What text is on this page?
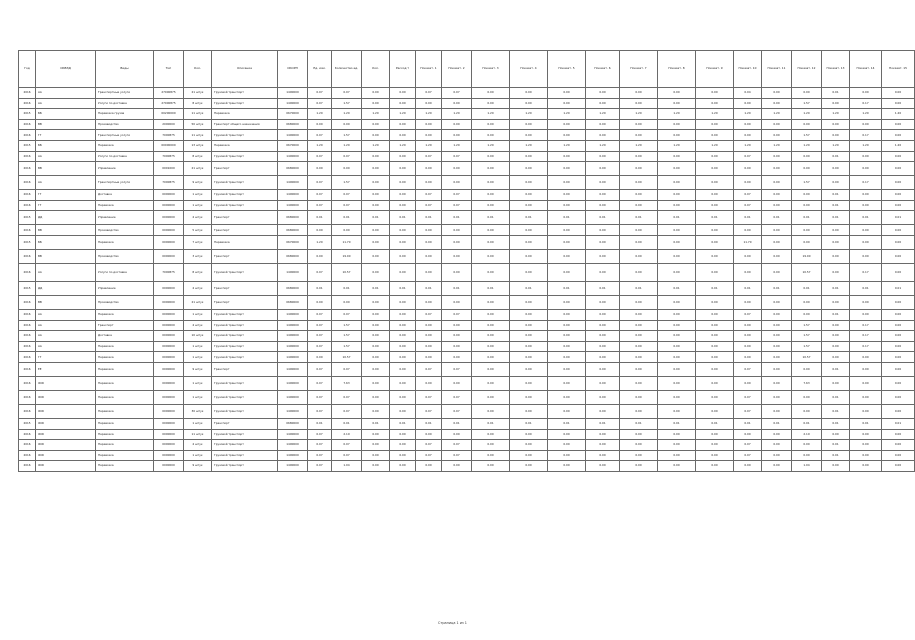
Год	ОКВЭД	Виды	Тип	Кол-	Описание	ОКОРП	Ед. изм.	Количество ед.	Кол.	Расход т	Показат. 1	Показат. 2	Показат. 3	Показат. 4	Показат. 5	Показат. 6	Показат. 7	Показат. 8	Показат. 9	Показат. 10	Показат. 11	Показат. 12	Показат. 13	Показат. 14	Показат. 15
2016	АА	Транспортные услуги	27000875	21 штук	Грузовой транспорт	1490000	0.07	0.07	0.00	0.00	0.07	0.07	0.00	0.00	0.00	0.00	0.00	0.00	0.00	0.04	0.00	0.00	0.01	0.00	0.00
2016	АА	Услуги по доставке	27000875	8 штук	Грузовой транспорт	1490000	0.07	1.57	0.00	0.00	0.00	0.00	0.00	0.00	0.00	0.00	0.00	0.00	0.00	0.00	0.00	1.57	0.00	0.17	0.00
2015	ББ	Перевозка грузов	00200000	11 штук	Перевозка	0670000	1.20	1.20	1.20	1.20	1.20	1.20	1.20	1.20	1.20	1.20	1.20	1.20	1.20	1.20	1.20	1.20	1.20	1.20	1.20
2016	ВВ	Производство	2000000	50 штук	Транспорт общего назначения	0680000	0.00	0.00	0.00	0.00	0.00	0.00	0.00	0.00	0.00	0.00	0.00	0.00	0.00	0.00	0.00	0.00	0.00	0.00	0.00
2016	ГГ	Транспортные услуги	7000875	11 штук	Грузовой транспорт	1490000	0.07	1.57	0.00	0.00	0.00	0.00	0.00	0.00	0.00	0.00	0.00	0.00	0.00	0.00	0.00	1.57	0.00	0.17	0.00
2015	ББ	Перевозка	00000000	13 штук	Перевозка	0670000	1.20	1.20	1.20	1.20	1.20	1.20	1.20	1.20	1.20	1.20	1.20	1.20	1.20	1.20	1.20	1.20	1.20	1.20	1.20
2016	АА	Услуги по доставке	7000875	8 штук	Грузовой транспорт	1490000	0.07	0.07	0.00	0.00	0.07	0.07	0.00	0.00	0.00	0.00	0.00	0.00	0.00	0.07	0.00	0.00	0.01	0.00	0.00
2016	ВВ	Управление	0001000	21 штук	Транспорт	0680000	0.00	0.00	0.00	0.00	0.00	0.00	0.00	0.00	0.00	0.00	0.00	0.00	0.00	0.00	0.00	0.00	0.00	0.00	0.00
2016	АА	Транспортные услуги	7000875	9 штук	Грузовой транспорт	1490000	0.07	1.57	0.00	0.00	0.00	0.00	0.00	0.00	0.00	0.00	0.00	0.00	0.00	0.00	0.00	1.57	0.00	0.17	0.00
2016	ГГ	Доставка	0000000	1 штук	Грузовой транспорт	1490000	0.07	0.07	0.00	0.00	0.07	0.07	0.00	0.00	0.00	0.00	0.00	0.00	0.00	0.07	0.00	0.00	0.01	0.00	0.00
2016	ГГ	Перевозка	0000000	1 штук	Грузовой транспорт	1490000	0.07	0.07	0.00	0.00	0.07	0.07	0.00	0.00	0.00	0.00	0.00	0.00	0.00	0.07	0.00	0.00	0.01	0.00	0.00
2015	ДД	Управление	0000000	4 штук	Транспорт	0680000	0.01	0.01	0.01	0.01	0.01	0.01	0.01	0.01	0.01	0.01	0.01	0.01	0.01	0.01	0.01	0.01	0.01	0.01	0.01
2016	ВВ	Производство	0000000	5 штук	Транспорт	0680000	0.00	0.00	0.00	0.00	0.00	0.00	0.00	0.00	0.00	0.00	0.00	0.00	0.00	0.00	0.00	0.00	0.00	0.00	0.00
2015	ББ	Перевозка	0000000	7 штук	Перевозка	0670000	1.20	11.70	0.00	0.00	0.00	0.00	0.00	0.00	0.00	0.00	0.00	0.00	0.00	11.70	0.00	0.00	0.00	0.00	0.00
2016	ВВ	Производство	0000000	3 штук	Транспорт	0680000	0.00	19.00	0.00	0.00	0.00	0.00	0.00	0.00	0.00	0.00	0.00	0.00	0.00	0.00	0.00	19.00	0.00	0.00	0.00
2016	АА	Услуги по доставке	7000875	8 штук	Грузовой транспорт	1490000	0.07	10.57	0.00	0.00	0.00	0.00	0.00	0.00	0.00	0.00	0.00	0.00	0.00	0.00	0.00	10.57	0.00	0.17	0.00
2015	ДД	Управление	0000000	4 штук	Транспорт	0680000	0.01	0.01	0.01	0.01	0.01	0.01	0.01	0.01	0.01	0.01	0.01	0.01	0.01	0.01	0.01	0.01	0.01	0.01	0.01
2016	ВВ	Производство	0000000	21 штук	Транспорт	0680000	0.00	0.00	0.00	0.00	0.00	0.00	0.00	0.00	0.00	0.00	0.00	0.00	0.00	0.00	0.00	0.00	0.00	0.00	0.00
2016	АА	Перевозка	0000000	1 штук	Грузовой транспорт	1490000	0.07	0.07	0.00	0.00	0.07	0.07	0.00	0.00	0.00	0.00	0.00	0.00	0.00	0.07	0.00	0.00	0.01	0.00	0.00
2016	АА	Транспорт	0000000	4 штук	Грузовой транспорт	1490000	0.07	1.57	0.00	0.00	0.00	0.00	0.00	0.00	0.00	0.00	0.00	0.00	0.00	0.00	0.00	1.57	0.00	0.17	0.00
2016	АА	Доставка	0000000	10 штук	Грузовой транспорт	1490000	0.07	1.57	0.00	0.00	0.00	0.00	0.00	0.00	0.00	0.00	0.00	0.00	0.00	0.00	0.00	1.57	0.00	0.17	0.00
2016	АА	Перевозка	0000000	1 штук	Грузовой транспорт	1490000	0.07	1.57	0.00	0.00	0.00	0.00	0.00	0.00	0.00	0.00	0.00	0.00	0.00	0.00	0.00	1.57	0.00	0.17	0.00
2016	ГГ	Перевозка	0000000	1 штук	Грузовой транспорт	1490000	0.00	10.57	0.00	0.00	0.00	0.00	0.00	0.00	0.00	0.00	0.00	0.00	0.00	0.00	0.00	10.57	0.00	0.00	0.00
2016	ЕЕ	Перевозка	0000000	9 штук	Транспорт	1490000	0.07	0.07	0.00	0.00	0.07	0.07	0.00	0.00	0.00	0.00	0.00	0.00	0.00	0.07	0.00	0.00	0.01	0.00	0.00
2016	ЖЖ	Перевозка	0000000	1 штук	Грузовой транспорт	1490000	0.07	7.63	0.00	0.00	0.00	0.00	0.00	0.00	0.00	0.00	0.00	0.00	0.00	0.00	0.00	7.63	0.00	0.00	0.00
2016	ЖЖ	Перевозка	0000000	1 штук	Грузовой транспорт	1490000	0.07	0.07	0.00	0.00	0.07	0.07	0.00	0.00	0.00	0.00	0.00	0.00	0.00	0.07	0.00	0.00	0.01	0.00	0.00
2016	ЖЖ	Перевозка	0000000	30 штук	Грузовой транспорт	1490000	0.07	0.07	0.00	0.00	0.07	0.07	0.00	0.00	0.00	0.00	0.00	0.00	0.00	0.07	0.00	0.00	0.01	0.00	0.00
2015	ЖЖ	Перевозка	0000000	1 штук	Транспорт	0680000	0.01	0.01	0.01	0.01	0.01	0.01	0.01	0.01	0.01	0.01	0.01	0.01	0.01	0.01	0.01	0.01	0.01	0.01	0.01
2016	ЖЖ	Перевозка	0000000	11 штук	Грузовой транспорт	1490000	0.07	2.19	0.00	0.00	0.00	0.00	0.00	0.00	0.00	0.00	0.00	0.00	0.00	0.00	0.00	2.19	0.00	0.00	0.00
2016	ЖЖ	Перевозка	0000000	4 штук	Грузовой транспорт	1490000	0.07	0.07	0.00	0.00	0.07	0.07	0.00	0.00	0.00	0.00	0.00	0.00	0.00	0.07	0.00	0.00	0.01	0.00	0.00
2016	ЖЖ	Перевозка	0000000	1 штук	Грузовой транспорт	1490000	0.07	0.07	0.00	0.00	0.07	0.07	0.00	0.00	0.00	0.00	0.00	0.00	0.00	0.07	0.00	0.00	0.01	0.00	0.00
2016	ЖЖ	Перевозка	0000000	9 штук	Грузовой транспорт	1490000	0.07	1.04	0.00	0.00	0.00	0.00	0.00	0.00	0.00	0.00	0.00	0.00	0.00	0.00	0.00	1.04	0.00	0.00	0.00
Страница 1 из 1
